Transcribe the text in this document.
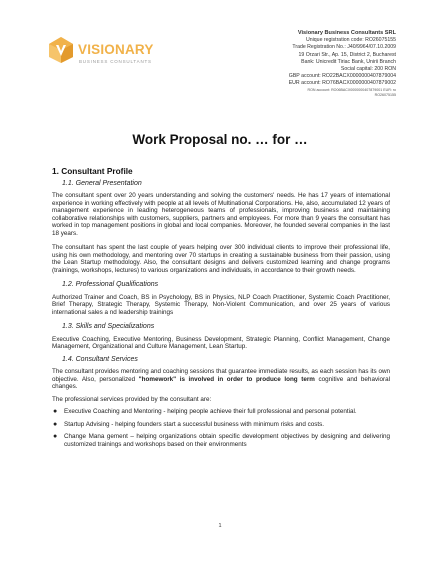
VISIONARY
BUSINESS CONSULTANTS
Visionary Business Consultants SRL
Unique registration code: RO26075155
Trade Registration No.: J40/9964/07.10.2009
19 Orzari Str., Ap. 15, District 2, Bucharest
Bank: Unicredit Tiriac Bank, Unirii Branch
Social capital: 200 RON
GBP account: RO22BACX0000000407879004
EUR account: RO76BACX0000000407879002
RON account: RO06BACX0000000407879001 EUR: ro
RO26075155
Work Proposal no. … for …
1. Consultant Profile
1.1. General Presentation
The consultant spent over 20 years understanding and solving the customers' needs. He has 17 years of international experience in working effectively with people at all levels of Multinational Corporations. He, also, accumulated 12 years of management experience in leading heterogeneous teams of professionals, improving business and maintaining collaborative relationships with customers, suppliers, partners and employees. For more than 9 years the consultant has worked in top management positions in global and local companies. Moreover, he founded several companies in the last 18 years.
The consultant has spent the last couple of years helping over 300 individual clients to improve their professional life, using his own methodology, and mentoring over 70 startups in creating a sustainable business from their passion, using the Lean Startup methodology. Also, the consultant designs and delivers customized learning and change programs (trainings, workshops, lectures) to various organizations and individuals, in accordance to their growth needs.
1.2. Professional Qualifications
Authorized Trainer and Coach, BS in Psychology, BS in Physics, NLP Coach Practitioner, Systemic Coach Practitioner, Brief Therapy, Strategic Therapy, Systemic Therapy, Non-Violent Communication, and over 25 years of various international sales a nd leadership trainings
1.3. Skills and Specializations
Executive Coaching, Executive Mentoring, Business Development, Strategic Planning, Conflict Management, Change Management, Organizational and Culture Management, Lean Startup.
1.4. Consultant Services
The consultant provides mentoring and coaching sessions that guarantee immediate results, as each session has its own objective. Also, personalized "homework" is involved in order to produce long term cognitive and behavioral changes.
The professional services provided by the consultant are:
● Executive Coaching and Mentoring - helping people achieve their full professional and personal potential.
● Startup Advising - helping founders start a successful business with minimum risks and costs.
● Change Mana gement – helping organizations obtain specific development objectives by designing and delivering customized trainings and workshops based on their environments
1
